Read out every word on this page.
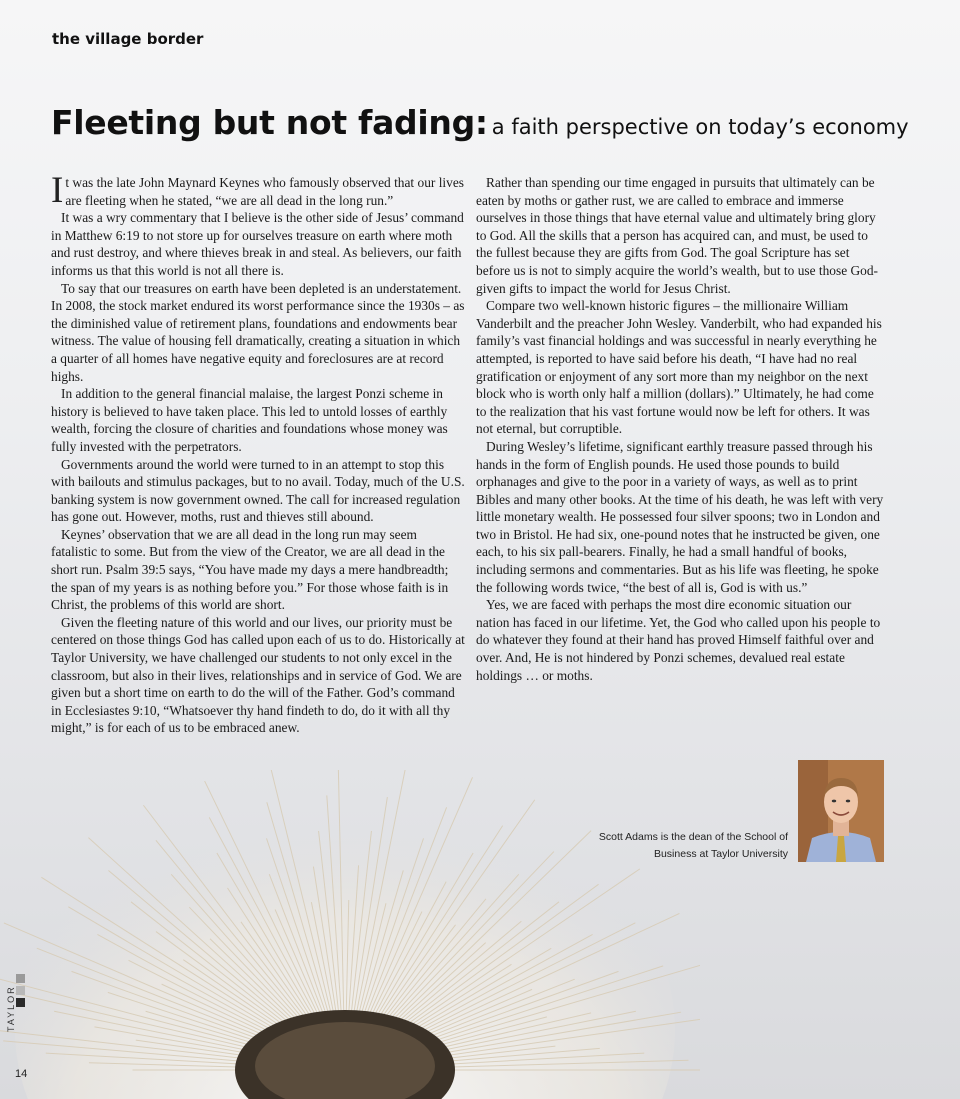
the village border
Fleeting but not fading: a faith perspective on today’s economy

It was the late John Maynard Keynes who famously observed that our lives are fleeting when he stated, “we are all dead in the long run.”

It was a wry commentary that I believe is the other side of Jesus’ command in Matthew 6:19 to not store up for ourselves treasure on earth where moth and rust destroy, and where thieves break in and steal. As believers, our faith informs us that this world is not all there is.

To say that our treasures on earth have been depleted is an understatement. In 2008, the stock market endured its worst performance since the 1930s – as the diminished value of retirement plans, foundations and endowments bear witness. The value of housing fell dramatically, creating a situation in which a quarter of all homes have negative equity and foreclosures are at record highs.

In addition to the general financial malaise, the largest Ponzi scheme in history is believed to have taken place. This led to untold losses of earthly wealth, forcing the closure of charities and foundations whose money was fully invested with the perpetrators.

Governments around the world were turned to in an attempt to stop this with bailouts and stimulus packages, but to no avail. Today, much of the U.S. banking system is now government owned. The call for increased regulation has gone out. However, moths, rust and thieves still abound.

Keynes’ observation that we are all dead in the long run may seem fatalistic to some. But from the view of the Creator, we are all dead in the short run. Psalm 39:5 says, “You have made my days a mere handbreadth; the span of my years is as nothing before you.” For those whose faith is in Christ, the problems of this world are short.

Given the fleeting nature of this world and our lives, our priority must be centered on those things God has called upon each of us to do. Historically at Taylor University, we have challenged our students to not only excel in the classroom, but also in their lives, relationships and in service of God. We are given but a short time on earth to do the will of the Father. God’s command in Ecclesiastes 9:10, “Whatsoever thy hand findeth to do, do it with all thy might,” is for each of us to be embraced anew.

Rather than spending our time engaged in pursuits that ultimately can be eaten by moths or gather rust, we are called to embrace and immerse ourselves in those things that have eternal value and ultimately bring glory to God. All the skills that a person has acquired can, and must, be used to the fullest because they are gifts from God. The goal Scripture has set before us is not to simply acquire the world’s wealth, but to use those God-given gifts to impact the world for Jesus Christ.

Compare two well-known historic figures – the millionaire William Vanderbilt and the preacher John Wesley. Vanderbilt, who had expanded his family’s vast financial holdings and was successful in nearly everything he attempted, is reported to have said before his death, “I have had no real gratification or enjoyment of any sort more than my neighbor on the next block who is worth only half a million (dollars).” Ultimately, he had come to the realization that his vast fortune would now be left for others. It was not eternal, but corruptible.

During Wesley’s lifetime, significant earthly treasure passed through his hands in the form of English pounds. He used those pounds to build orphanages and give to the poor in a variety of ways, as well as to print Bibles and many other books. At the time of his death, he was left with very little monetary wealth. He possessed four silver spoons; two in London and two in Bristol. He had six, one-pound notes that he instructed be given, one each, to his six pall-bearers. Finally, he had a small handful of books, including sermons and commentaries. But as his life was fleeting, he spoke the following words twice, “the best of all is, God is with us.”

Yes, we are faced with perhaps the most dire economic situation our nation has faced in our lifetime. Yet, the God who called upon his people to do whatever they found at their hand has proved Himself faithful over and over. And, He is not hindered by Ponzi schemes, devalued real estate holdings … or moths.

Scott Adams is the dean of the School of
Business at Taylor University
TAYLOR
14
